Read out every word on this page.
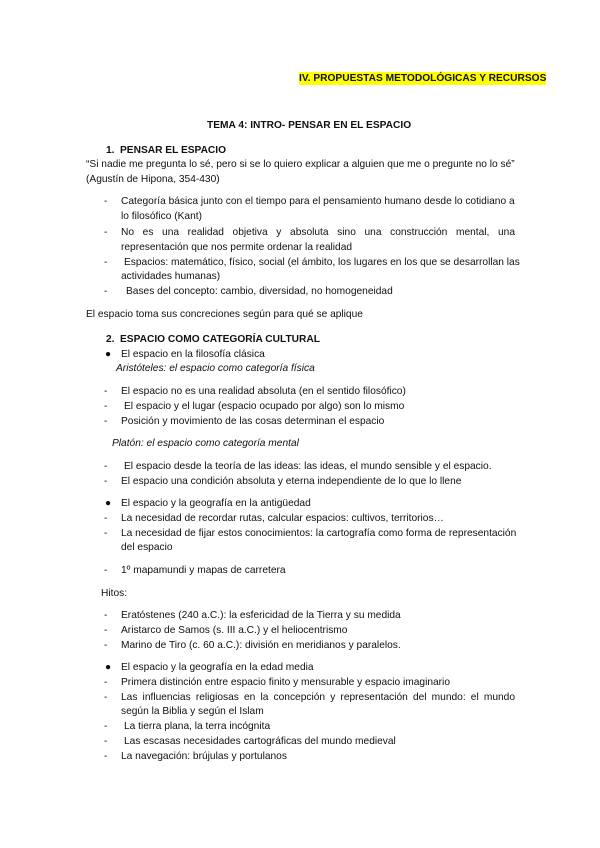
IV. PROPUESTAS METODOLÓGICAS Y RECURSOS
TEMA 4: INTRO- PENSAR EN EL ESPACIO
1. PENSAR EL ESPACIO
“Si nadie me pregunta lo sé, pero si se lo quiero explicar a alguien que me o pregunte no lo sé”
(Agustín de Hipona, 354-430)
- Categoría básica junto con el tiempo para el pensamiento humano desde lo cotidiano a
lo filosófico (Kant)
- No es una realidad objetiva y absoluta sino una construcción mental, una
representación que nos permite ordenar la realidad
- Espacios: matemático, físico, social (el ámbito, los lugares en los que se desarrollan las
actividades humanas)
- Bases del concepto: cambio, diversidad, no homogeneidad
El espacio toma sus concreciones según para qué se aplique
2. ESPACIO COMO CATEGORÍA CULTURAL
● El espacio en la filosofía clásica
Aristóteles: el espacio como categoría física
- El espacio no es una realidad absoluta (en el sentido filosófico)
- El espacio y el lugar (espacio ocupado por algo) son lo mismo
- Posición y movimiento de las cosas determinan el espacio
Platón: el espacio como categoría mental
- El espacio desde la teoría de las ideas: las ideas, el mundo sensible y el espacio.
- El espacio una condición absoluta y eterna independiente de lo que lo llene
● El espacio y la geografía en la antigüedad
- La necesidad de recordar rutas, calcular espacios: cultivos, territorios…
- La necesidad de fijar estos conocimientos: la cartografía como forma de representación
del espacio
- 1º mapamundi y mapas de carretera
Hitos:
- Eratóstenes (240 a.C.): la esfericidad de la Tierra y su medida
- Aristarco de Samos (s. III a.C.) y el heliocentrismo
- Marino de Tiro (c. 60 a.C.): división en meridianos y paralelos.
● El espacio y la geografía en la edad media
- Primera distinción entre espacio finito y mensurable y espacio imaginario
- Las influencias religiosas en la concepción y representación del mundo: el mundo
según la Biblia y según el Islam
- La tierra plana, la terra incógnita
- Las escasas necesidades cartográficas del mundo medieval
- La navegación: brújulas y portulanos
